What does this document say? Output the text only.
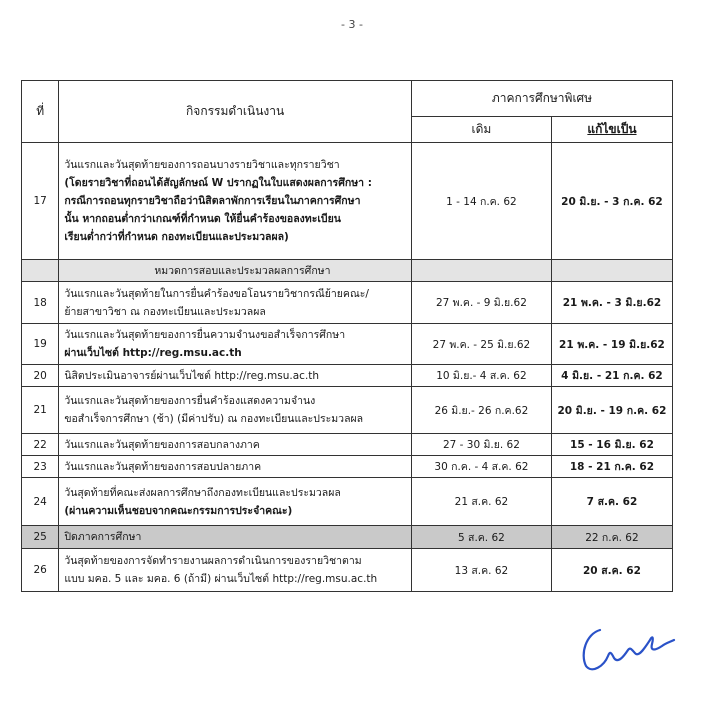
- 3 -
ที่	กิจกรรมดำเนินงาน	ภาคการศึกษาพิเศษ	
		เดิม	แก้ไขเป็น
17	วันแรกและวันสุดท้ายของการถอนบางรายวิชาและทุกรายวิชา

(โดยรายวิชาที่ถอนได้สัญลักษณ์ W ปรากฏในใบแสดงผลการศึกษา :

กรณีการถอนทุกรายวิชาถือว่านิสิตลาพักการเรียนในภาคการศึกษา

นั้น หากถอนต่ำกว่าเกณฑ์ที่กำหนด ให้ยื่นคำร้องขอลงทะเบียน

เรียนต่ำกว่าที่กำหนด กองทะเบียนและประมวลผล)	1 - 14 ก.ค. 62	20 มิ.ย. - 3 ก.ค. 62
	หมวดการสอบและประมวลผลการศึกษา		
18	วันแรกและวันสุดท้ายในการยื่นคำร้องขอโอนรายวิชากรณีย้ายคณะ/

ย้ายสาขาวิชา ณ กองทะเบียนและประมวลผล	27 พ.ค. - 9 มิ.ย.62	21 พ.ค. - 3 มิ.ย.62
19	วันแรกและวันสุดท้ายของการยื่นความจำนงขอสำเร็จการศึกษา

ผ่านเว็บไซต์ http://reg.msu.ac.th	27 พ.ค. - 25 มิ.ย.62	21 พ.ค. - 19 มิ.ย.62
20	นิสิตประเมินอาจารย์ผ่านเว็บไซต์ http://reg.msu.ac.th	10 มิ.ย.- 4 ส.ค. 62	4 มิ.ย. - 21 ก.ค. 62
21	วันแรกและวันสุดท้ายของการยื่นคำร้องแสดงความจำนง

ขอสำเร็จการศึกษา (ช้า) (มีค่าปรับ) ณ กองทะเบียนและประมวลผล	26 มิ.ย.- 26 ก.ค.62	20 มิ.ย. - 19 ก.ค. 62
22	วันแรกและวันสุดท้ายของการสอบกลางภาค	27 - 30 มิ.ย. 62	15 - 16 มิ.ย. 62
23	วันแรกและวันสุดท้ายของการสอบปลายภาค	30 ก.ค. - 4 ส.ค. 62	18 - 21 ก.ค. 62
24	วันสุดท้ายที่คณะส่งผลการศึกษาถึงกองทะเบียนและประมวลผล

(ผ่านความเห็นชอบจากคณะกรรมการประจำคณะ)	21 ส.ค. 62	7 ส.ค. 62
25	ปิดภาคการศึกษา	5 ส.ค. 62	22 ก.ค. 62
26	วันสุดท้ายของการจัดทำรายงานผลการดำเนินการของรายวิชาตาม

แบบ มคอ. 5 และ มคอ. 6 (ถ้ามี) ผ่านเว็บไซต์ http://reg.msu.ac.th	13 ส.ค. 62	20 ส.ค. 62
